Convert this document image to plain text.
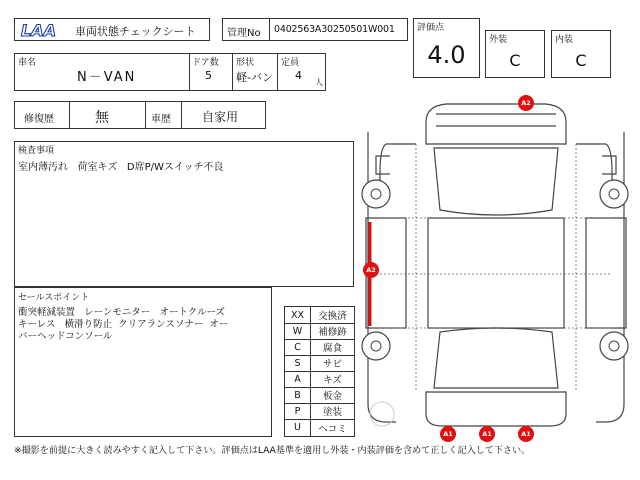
LAA 車両状態チェックシート	管理No 0402563A30250501W001 評価点
4.0
外装
C
内装
C
車名
N－VAN
ドア数
5
形状
軽-バン
定員
4
人
修復歴	無	車歴	自家用
検査事項
室内薄汚れ 荷室キズ D席P/Wスイッチ不良
セールスポイント
衝突軽減装置 レーンモニター オートクルーズ
キーレス 横滑り防止 クリアランスソナー オー
バーヘッドコンソール
XX	交換済
W	補修跡
C	腐食
S	サビ
A	キズ
B	板金
P	塗装
U	ヘコミ
A2
A2
A1	A1	A1
※撮影を前提に大きく読みやすく記入して下さい。評価点はLAA基準を適用し外装・内装評価を含めて正しく記入して下さい。
